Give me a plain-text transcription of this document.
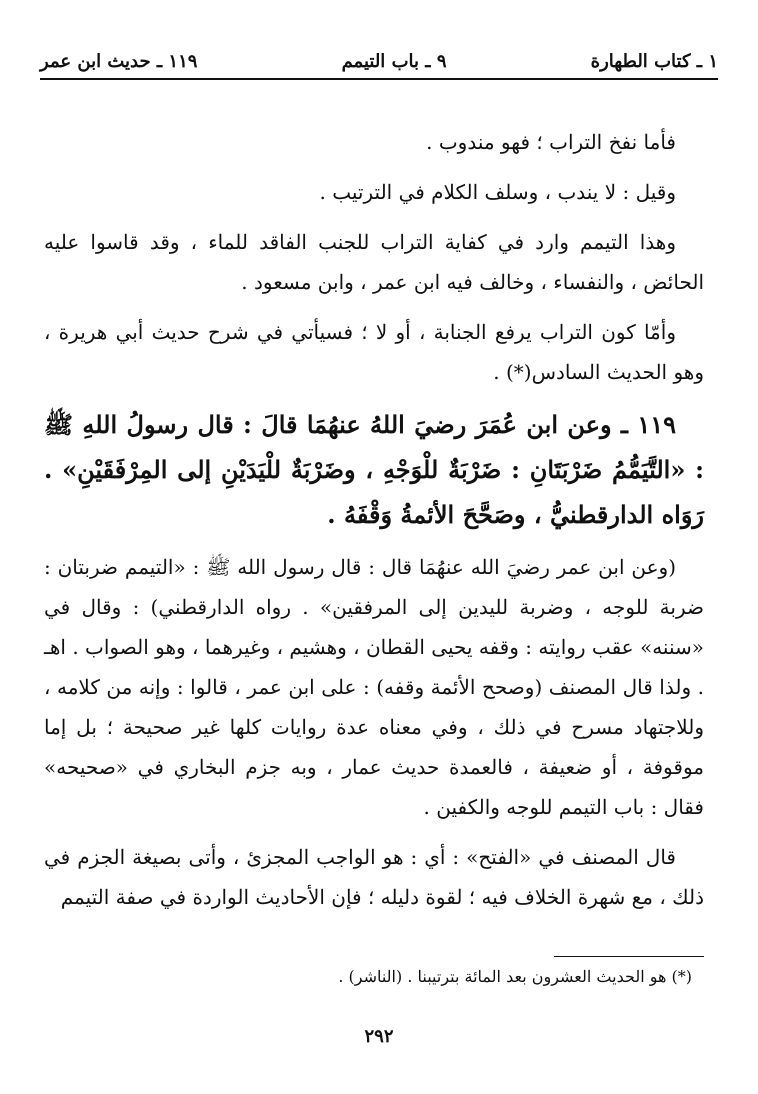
١ ـ كتاب الطهارة
٩ ـ باب التيمم
١١٩ ـ حديث ابن عمر

فأما نفخ التراب ؛ فهو مندوب .

وقيل : لا يندب ، وسلف الكلام في الترتيب .

وهذا التيمم وارد في كفاية التراب للجنب الفاقد للماء ، وقد قاسوا عليه الحائض ، والنفساء ، وخالف فيه ابن عمر ، وابن مسعود .

وأمّا كون التراب يرفع الجنابة ، أو لا ؛ فسيأتي في شرح حديث أبي هريرة ، وهو الحديث السادس(*) .

١١٩ ـ وعن ابن عُمَرَ رضيَ اللهُ عنهُمَا قالَ : قال رسولُ اللهِ ﷺ : «التَّيَمُّمُ ضَرْبَتَانِ : ضَرْبَةٌ للْوَجْهِ ، وضَرْبَةٌ للْيَدَيْنِ إلى المِرْفَقَيْنِ» . رَوَاه الدارقطنيُّ ، وصَحَّحَ الأئمةُ وَقْفَهُ .

(وعن ابن عمر رضيَ الله عنهُمَا قال : قال رسول الله ﷺ : «التيمم ضربتان : ضربة للوجه ، وضربة لليدين إلى المرفقين» . رواه الدارقطني) : وقال في «سننه» عقب روايته : وقفه يحيى القطان ، وهشيم ، وغيرهما ، وهو الصواب . اهـ . ولذا قال المصنف (وصحح الأئمة وقفه) : على ابن عمر ، قالوا : وإنه من كلامه ، وللاجتهاد مسرح في ذلك ، وفي معناه عدة روايات كلها غير صحيحة ؛ بل إما موقوفة ، أو ضعيفة ، فالعمدة حديث عمار ، وبه جزم البخاري في «صحيحه» فقال : باب التيمم للوجه والكفين .

قال المصنف في «الفتح» : أي : هو الواجب المجزئ ، وأتى بصيغة الجزم في ذلك ، مع شهرة الخلاف فيه ؛ لقوة دليله ؛ فإن الأحاديث الواردة في صفة التيمم

(*) هو الحديث العشرون بعد المائة بترتيبنا . (الناشر) .
٢٩٢
